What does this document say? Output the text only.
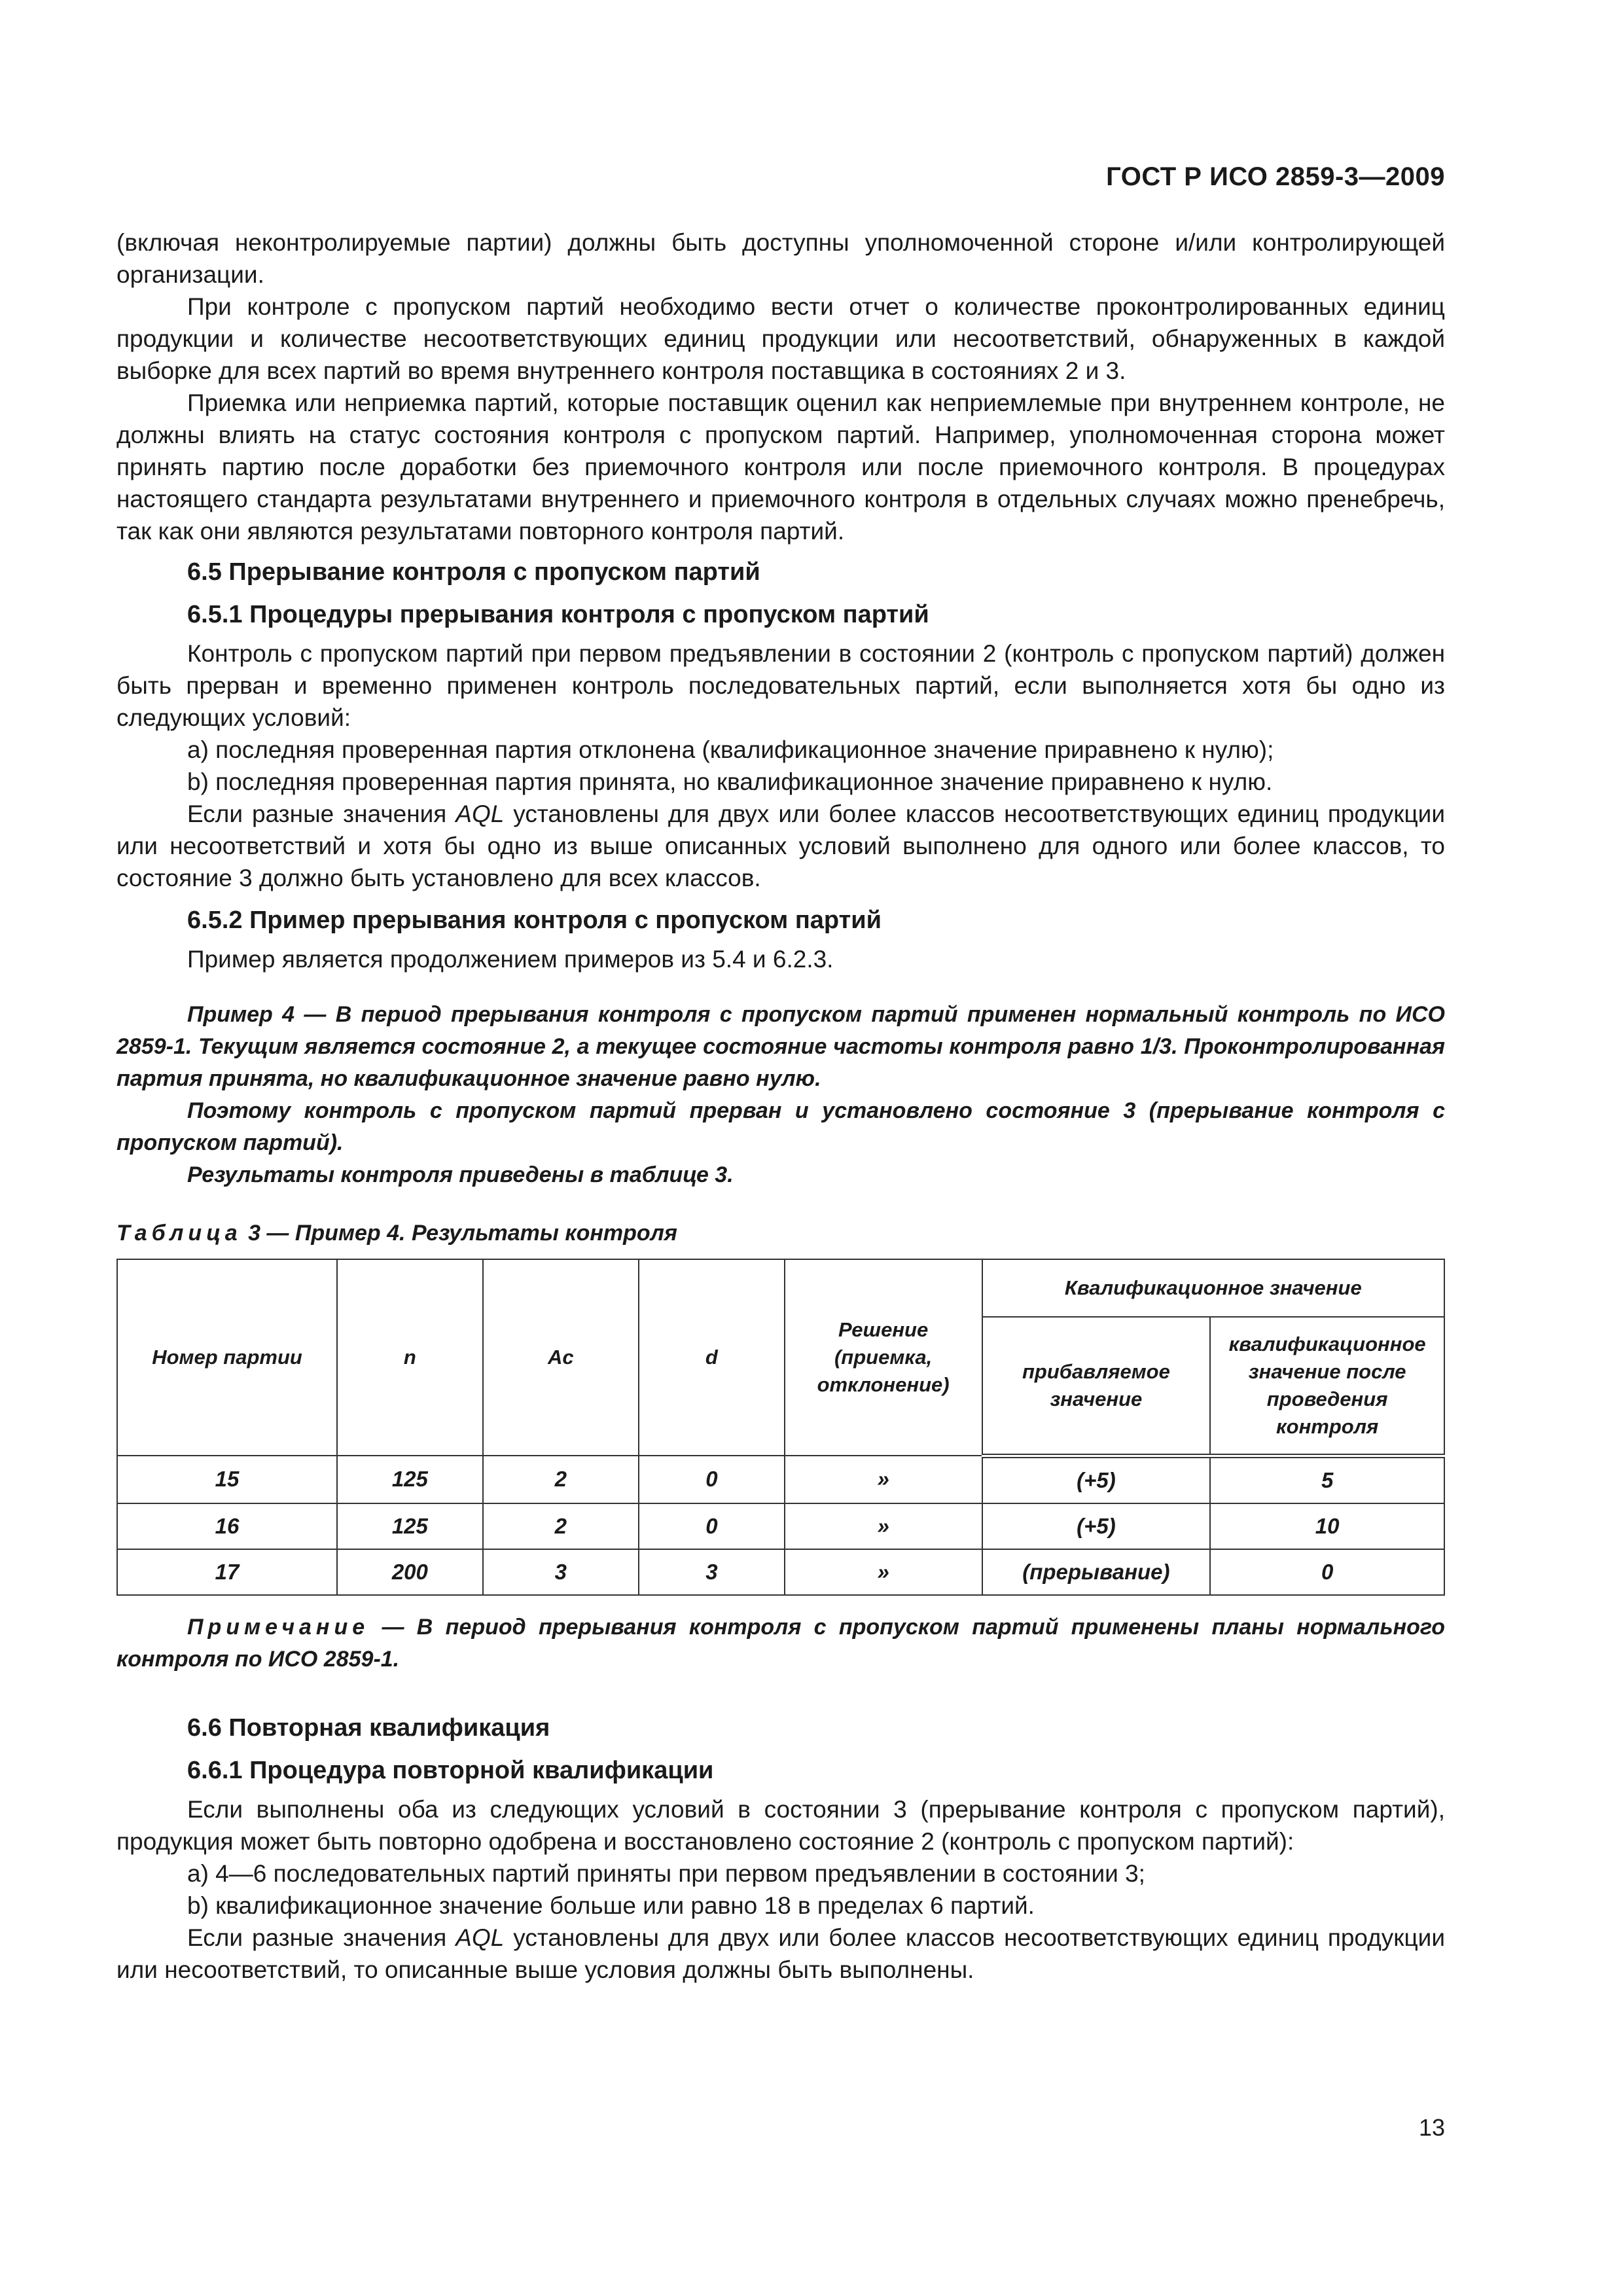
ГОСТ Р ИСО 2859-3—2009

(включая неконтролируемые партии) должны быть доступны уполномоченной стороне и/или контролирующей организации.

При контроле с пропуском партий необходимо вести отчет о количестве проконтролированных единиц продукции и количестве несоответствующих единиц продукции или несоответствий, обнаруженных в каждой выборке для всех партий во время внутреннего контроля поставщика в состояниях 2 и 3.

Приемка или неприемка партий, которые поставщик оценил как неприемлемые при внутреннем контроле, не должны влиять на статус состояния контроля с пропуском партий. Например, уполномоченная сторона может принять партию после доработки без приемочного контроля или после приемочного контроля. В процедурах настоящего стандарта результатами внутреннего и приемочного контроля в отдельных случаях можно пренебречь, так как они являются результатами повторного контроля партий.

6.5 Прерывание контроля с пропуском партий
6.5.1 Процедуры прерывания контроля с пропуском партий

Контроль с пропуском партий при первом предъявлении в состоянии 2 (контроль с пропуском партий) должен быть прерван и временно применен контроль последовательных партий, если выполняется хотя бы одно из следующих условий:

a) последняя проверенная партия отклонена (квалификационное значение приравнено к нулю);

b) последняя проверенная партия принята, но квалификационное значение приравнено к нулю.

Если разные значения AQL установлены для двух или более классов несоответствующих единиц продукции или несоответствий и хотя бы одно из выше описанных условий выполнено для одного или более классов, то состояние 3 должно быть установлено для всех классов.

6.5.2 Пример прерывания контроля с пропуском партий

Пример является продолжением примеров из 5.4 и 6.2.3.

Пример 4 — В период прерывания контроля с пропуском партий применен нормальный контроль по ИСО 2859-1. Текущим является состояние 2, а текущее состояние частоты контроля равно 1/3. Проконтролированная партия принята, но квалификационное значение равно нулю.

Поэтому контроль с пропуском партий прерван и установлено состояние 3 (прерывание контроля с пропуском партий).

Результаты контроля приведены в таблице 3.

Таблица 3 — Пример 4. Результаты контроля
Номер партии	n	Ac	d	Решение (приемка, отклонение)	Квалификационное значение	
					прибавляемое значение	квалификационное значение после проведения контроля
15	125	2	0	»	(+5)	5
16	125	2	0	»	(+5)	10
17	200	3	3	»	(прерывание)	0
Примечание — В период прерывания контроля с пропуском партий применены планы нормального контроля по ИСО 2859-1.
6.6 Повторная квалификация
6.6.1 Процедура повторной квалификации

Если выполнены оба из следующих условий в состоянии 3 (прерывание контроля с пропуском партий), продукция может быть повторно одобрена и восстановлено состояние 2 (контроль с пропуском партий):

a) 4—6 последовательных партий приняты при первом предъявлении в состоянии 3;

b) квалификационное значение больше или равно 18 в пределах 6 партий.

Если разные значения AQL установлены для двух или более классов несоответствующих единиц продукции или несоответствий, то описанные выше условия должны быть выполнены.

13
